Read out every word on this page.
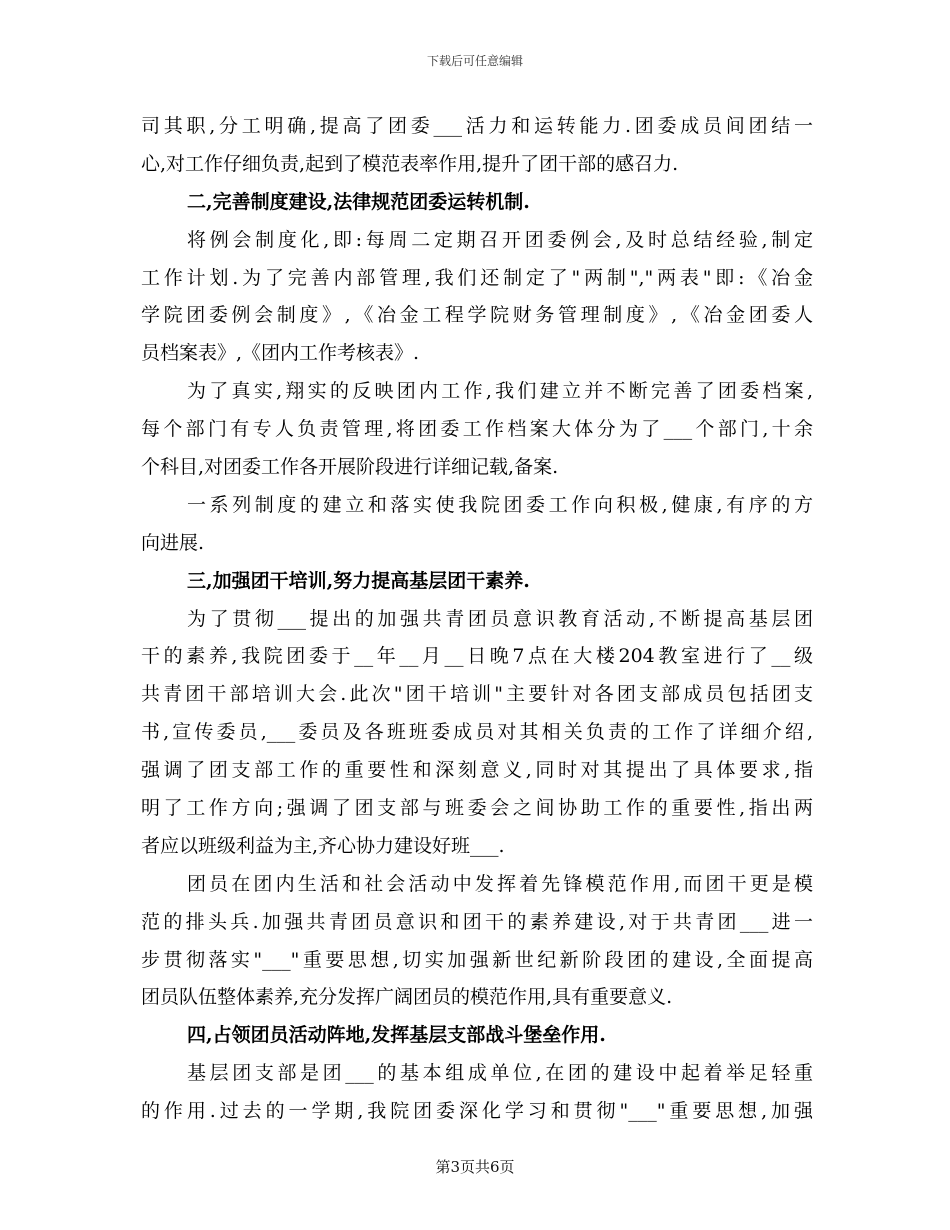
下载后可任意编辑
司其职,分工明确,提高了团委___活力和运转能力.团委成员间团结一
心,对工作仔细负责,起到了模范表率作用,提升了团干部的感召力.
二,完善制度建设,法律规范团委运转机制.
将例会制度化,即:每周二定期召开团委例会,及时总结经验,制定
工作计划.为了完善内部管理,我们还制定了"两制","两表"即:《冶金
学院团委例会制度》,《冶金工程学院财务管理制度》,《冶金团委人
员档案表》,《团内工作考核表》.
为了真实,翔实的反映团内工作,我们建立并不断完善了团委档案,
每个部门有专人负责管理,将团委工作档案大体分为了___个部门,十余
个科目,对团委工作各开展阶段进行详细记载,备案.
一系列制度的建立和落实使我院团委工作向积极,健康,有序的方
向进展.
三,加强团干培训,努力提高基层团干素养.
为了贯彻___提出的加强共青团员意识教育活动,不断提高基层团
干的素养,我院团委于__年__月__日晚7点在大楼204教室进行了__级
共青团干部培训大会.此次"团干培训"主要针对各团支部成员包括团支
书,宣传委员,___委员及各班班委成员对其相关负责的工作了详细介绍,
强调了团支部工作的重要性和深刻意义,同时对其提出了具体要求,指
明了工作方向;强调了团支部与班委会之间协助工作的重要性,指出两
者应以班级利益为主,齐心协力建设好班___.
团员在团内生活和社会活动中发挥着先锋模范作用,而团干更是模
范的排头兵.加强共青团员意识和团干的素养建设,对于共青团___进一
步贯彻落实"___"重要思想,切实加强新世纪新阶段团的建设,全面提高
团员队伍整体素养,充分发挥广阔团员的模范作用,具有重要意义.
四,占领团员活动阵地,发挥基层支部战斗堡垒作用.
基层团支部是团___的基本组成单位,在团的建设中起着举足轻重
的作用.过去的一学期,我院团委深化学习和贯彻"___"重要思想,加强
第3页共6页
